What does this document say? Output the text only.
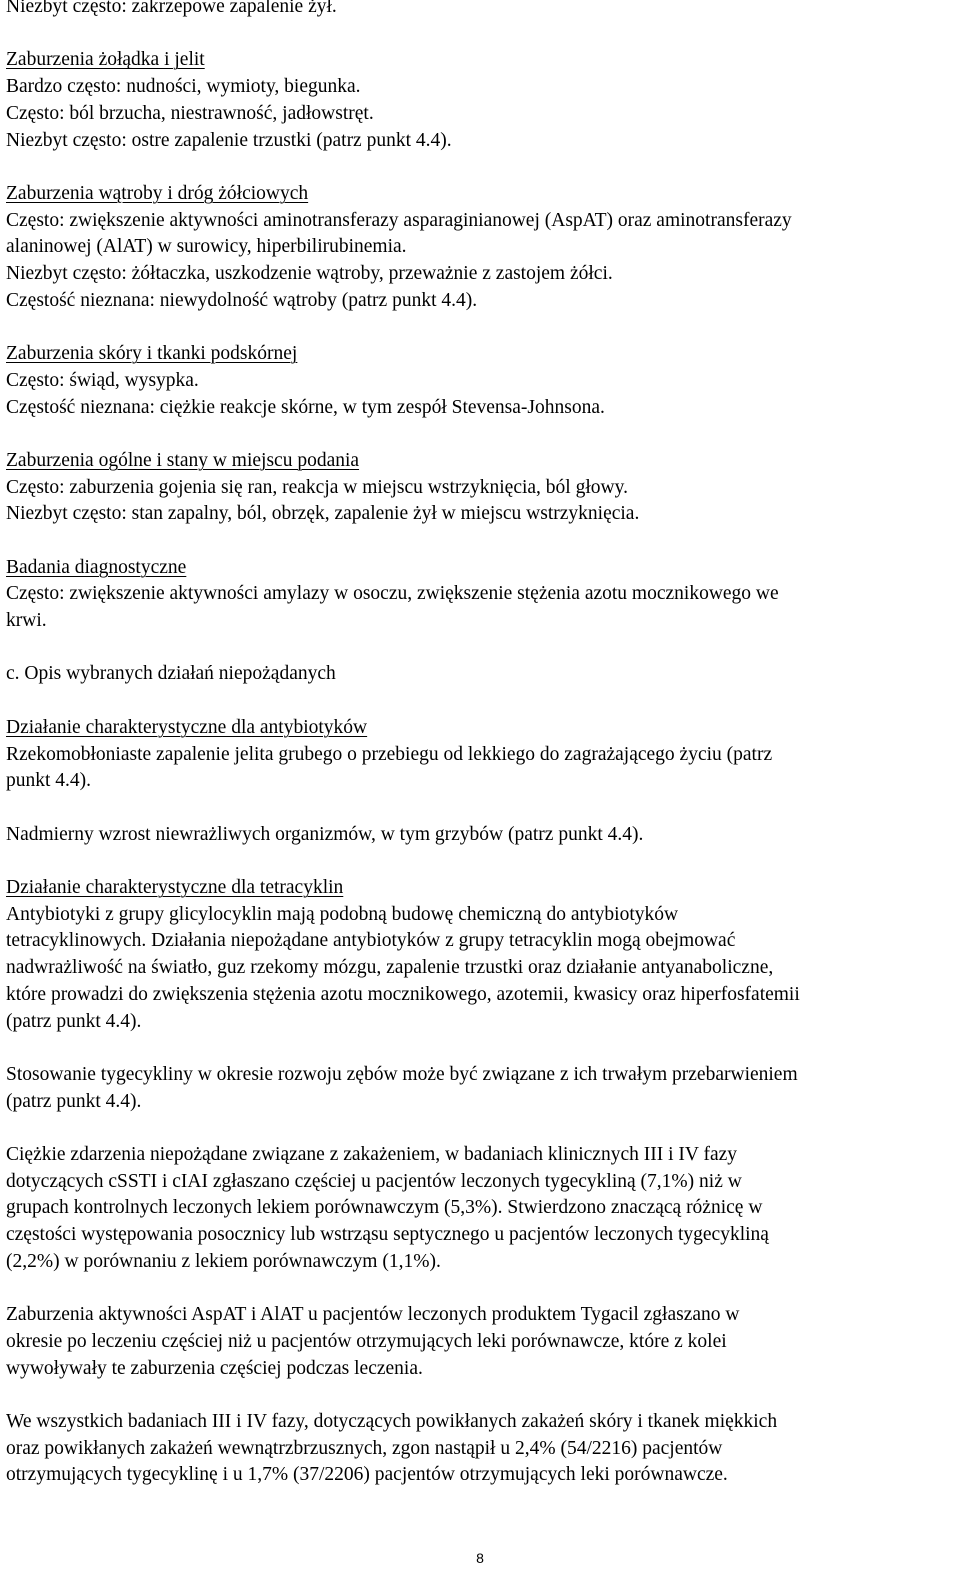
Niezbyt często: zakrzepowe zapalenie żył.
Zaburzenia żołądka i jelit
Bardzo często: nudności, wymioty, biegunka.
Często: ból brzucha, niestrawność, jadłowstręt.
Niezbyt często: ostre zapalenie trzustki (patrz punkt 4.4).
Zaburzenia wątroby i dróg żółciowych
Często: zwiększenie aktywności aminotransferazy asparaginianowej (AspAT) oraz aminotransferazy
alaninowej (AlAT) w surowicy, hiperbilirubinemia.
Niezbyt często: żółtaczka, uszkodzenie wątroby, przeważnie z zastojem żółci.
Częstość nieznana: niewydolność wątroby (patrz punkt 4.4).
Zaburzenia skóry i tkanki podskórnej
Często: świąd, wysypka.
Częstość nieznana: ciężkie reakcje skórne, w tym zespół Stevensa-Johnsona.
Zaburzenia ogólne i stany w miejscu podania
Często: zaburzenia gojenia się ran, reakcja w miejscu wstrzyknięcia, ból głowy.
Niezbyt często: stan zapalny, ból, obrzęk, zapalenie żył w miejscu wstrzyknięcia.
Badania diagnostyczne
Często: zwiększenie aktywności amylazy w osoczu, zwiększenie stężenia azotu mocznikowego we
krwi.
c. Opis wybranych działań niepożądanych
Działanie charakterystyczne dla antybiotyków
Rzekomobłoniaste zapalenie jelita grubego o przebiegu od lekkiego do zagrażającego życiu (patrz
punkt 4.4).
Nadmierny wzrost niewrażliwych organizmów, w tym grzybów (patrz punkt 4.4).
Działanie charakterystyczne dla tetracyklin
Antybiotyki z grupy glicylocyklin mają podobną budowę chemiczną do antybiotyków
tetracyklinowych. Działania niepożądane antybiotyków z grupy tetracyklin mogą obejmować
nadwrażliwość na światło, guz rzekomy mózgu, zapalenie trzustki oraz działanie antyanaboliczne,
które prowadzi do zwiększenia stężenia azotu mocznikowego, azotemii, kwasicy oraz hiperfosfatemii
(patrz punkt 4.4).
Stosowanie tygecykliny w okresie rozwoju zębów może być związane z ich trwałym przebarwieniem
(patrz punkt 4.4).
Ciężkie zdarzenia niepożądane związane z zakażeniem, w badaniach klinicznych III i IV fazy
dotyczących cSSTI i cIAI zgłaszano częściej u pacjentów leczonych tygecykliną (7,1%) niż w
grupach kontrolnych leczonych lekiem porównawczym (5,3%). Stwierdzono znaczącą różnicę w
częstości występowania posocznicy lub wstrząsu septycznego u pacjentów leczonych tygecykliną
(2,2%) w porównaniu z lekiem porównawczym (1,1%).
Zaburzenia aktywności AspAT i AlAT u pacjentów leczonych produktem Tygacil zgłaszano w
okresie po leczeniu częściej niż u pacjentów otrzymujących leki porównawcze, które z kolei
wywoływały te zaburzenia częściej podczas leczenia.
We wszystkich badaniach III i IV fazy, dotyczących powikłanych zakażeń skóry i tkanek miękkich
oraz powikłanych zakażeń wewnątrzbrzusznych, zgon nastąpił u 2,4% (54/2216) pacjentów
otrzymujących tygecyklinę i u 1,7% (37/2206) pacjentów otrzymujących leki porównawcze.
8
